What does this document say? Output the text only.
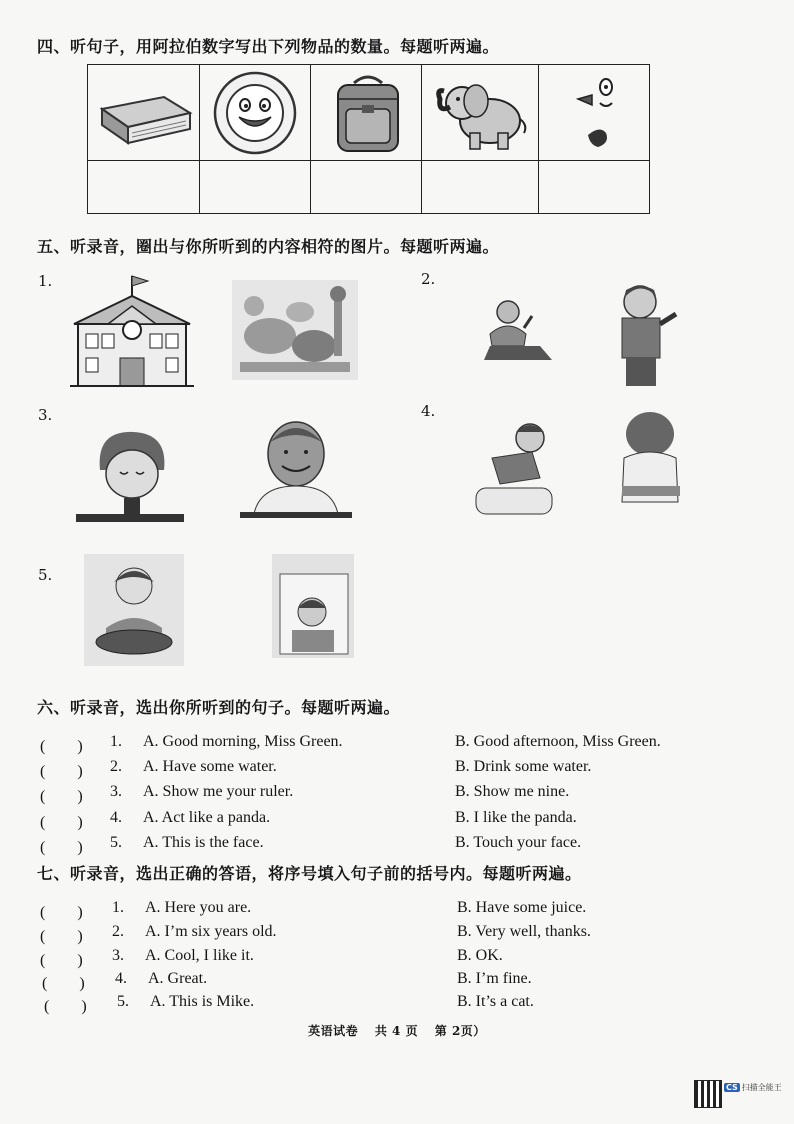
四、听句子，用阿拉伯数字写出下列物品的数量。每题听两遍。
五、听录音，圈出与你所听到的内容相符的图片。每题听两遍。
1.	2.
3.	4.
5.
六、听录音，选出你所听到的句子。每题听两遍。
(　　) 1. A. Good morning, Miss Green.	B. Good afternoon, Miss Green.
(　　) 2. A. Have some water.	B. Drink some water.
(　　) 3. A. Show me your ruler.	B. Show me nine.
(　　) 4. A. Act like a panda.	B. I like the panda.
(　　) 5. A. This is the face.	B. Touch your face.
七、听录音，选出正确的答语，将序号填入句子前的括号内。每题听两遍。
(　　) 1. A. Here you are.	B. Have some juice.
(　　) 2. A. I’m six years old.	B. Very well, thanks.
(　　) 3. A. Cool, I like it.	B. OK.
(　　) 4. A. Great.	B. I’m fine.
(　　) 5. A. This is Mike.	B. It’s a cat.
英语试卷 共 4 页 第 2页）
CS 扫描全能王
